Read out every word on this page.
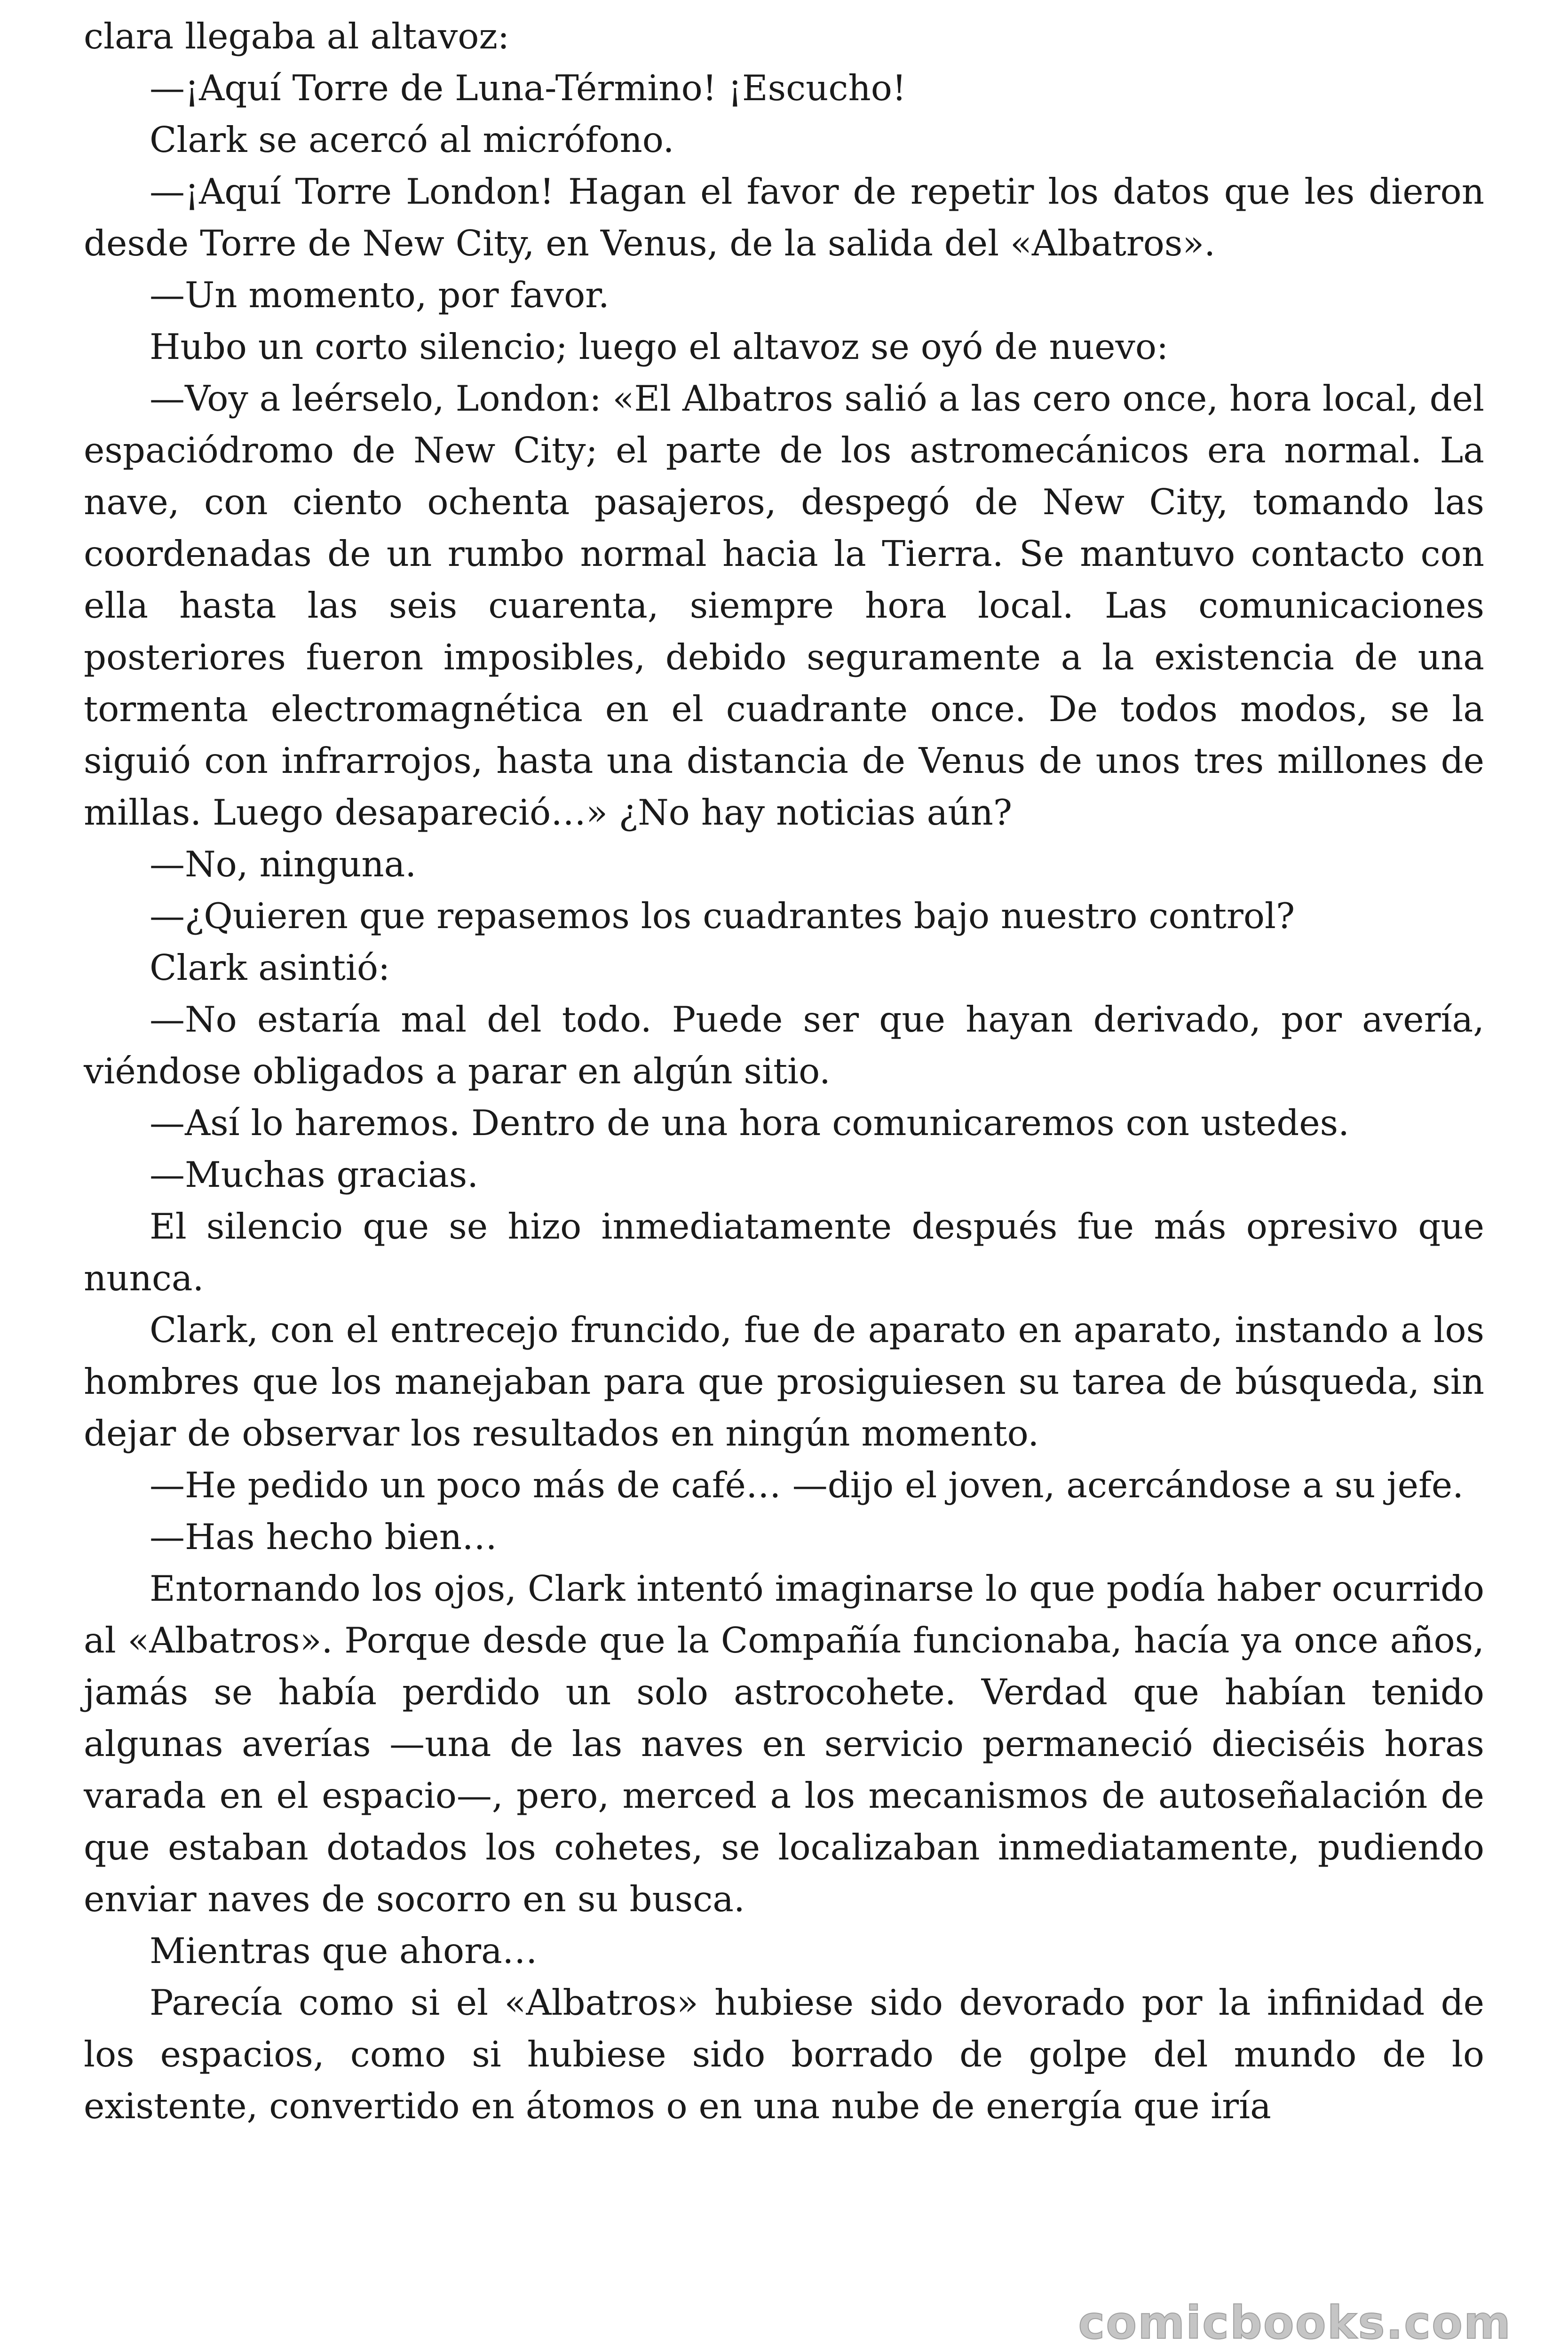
clara llegaba al altavoz:

—¡Aquí Torre de Luna-Término! ¡Escucho!

Clark se acercó al micrófono.

—¡Aquí Torre London! Hagan el favor de repetir los datos que les dieron desde Torre de New City, en Venus, de la salida del «Albatros».

—Un momento, por favor.

Hubo un corto silencio; luego el altavoz se oyó de nuevo:

—Voy a leérselo, London: «El Albatros salió a las cero once, hora local, del espaciódromo de New City; el parte de los astromecánicos era normal. La nave, con ciento ochenta pasajeros, despegó de New City, tomando las coordenadas de un rumbo normal hacia la Tierra. Se mantuvo contacto con ella hasta las seis cuarenta, siempre hora local. Las comunicaciones posteriores fueron imposibles, debido seguramente a la existencia de una tormenta electromagnética en el cuadrante once. De todos modos, se la siguió con infrarrojos, hasta una distancia de Venus de unos tres millones de millas. Luego desapareció…» ¿No hay noticias aún?

—No, ninguna.

—¿Quieren que repasemos los cuadrantes bajo nuestro control?

Clark asintió:

—No estaría mal del todo. Puede ser que hayan derivado, por avería, viéndose obligados a parar en algún sitio.

—Así lo haremos. Dentro de una hora comunicaremos con ustedes.

—Muchas gracias.

El silencio que se hizo inmediatamente después fue más opresivo que nunca.

Clark, con el entrecejo fruncido, fue de aparato en aparato, instando a los hombres que los manejaban para que prosiguiesen su tarea de búsqueda, sin dejar de observar los resultados en ningún momento.

—He pedido un poco más de café… —dijo el joven, acercándose a su jefe.

—Has hecho bien…

Entornando los ojos, Clark intentó imaginarse lo que podía haber ocurrido al «Albatros». Porque desde que la Compañía funcionaba, hacía ya once años, jamás se había perdido un solo astrocohete. Verdad que habían tenido algunas averías —una de las naves en servicio permaneció dieciséis horas varada en el espacio—, pero, merced a los mecanismos de autoseñalación de que estaban dotados los cohetes, se localizaban inmediatamente, pudiendo enviar naves de socorro en su busca.

Mientras que ahora…

Parecía como si el «Albatros» hubiese sido devorado por la infinidad de los espacios, como si hubiese sido borrado de golpe del mundo de lo existente, convertido en átomos o en una nube de energía que iría

comicbooks.com
